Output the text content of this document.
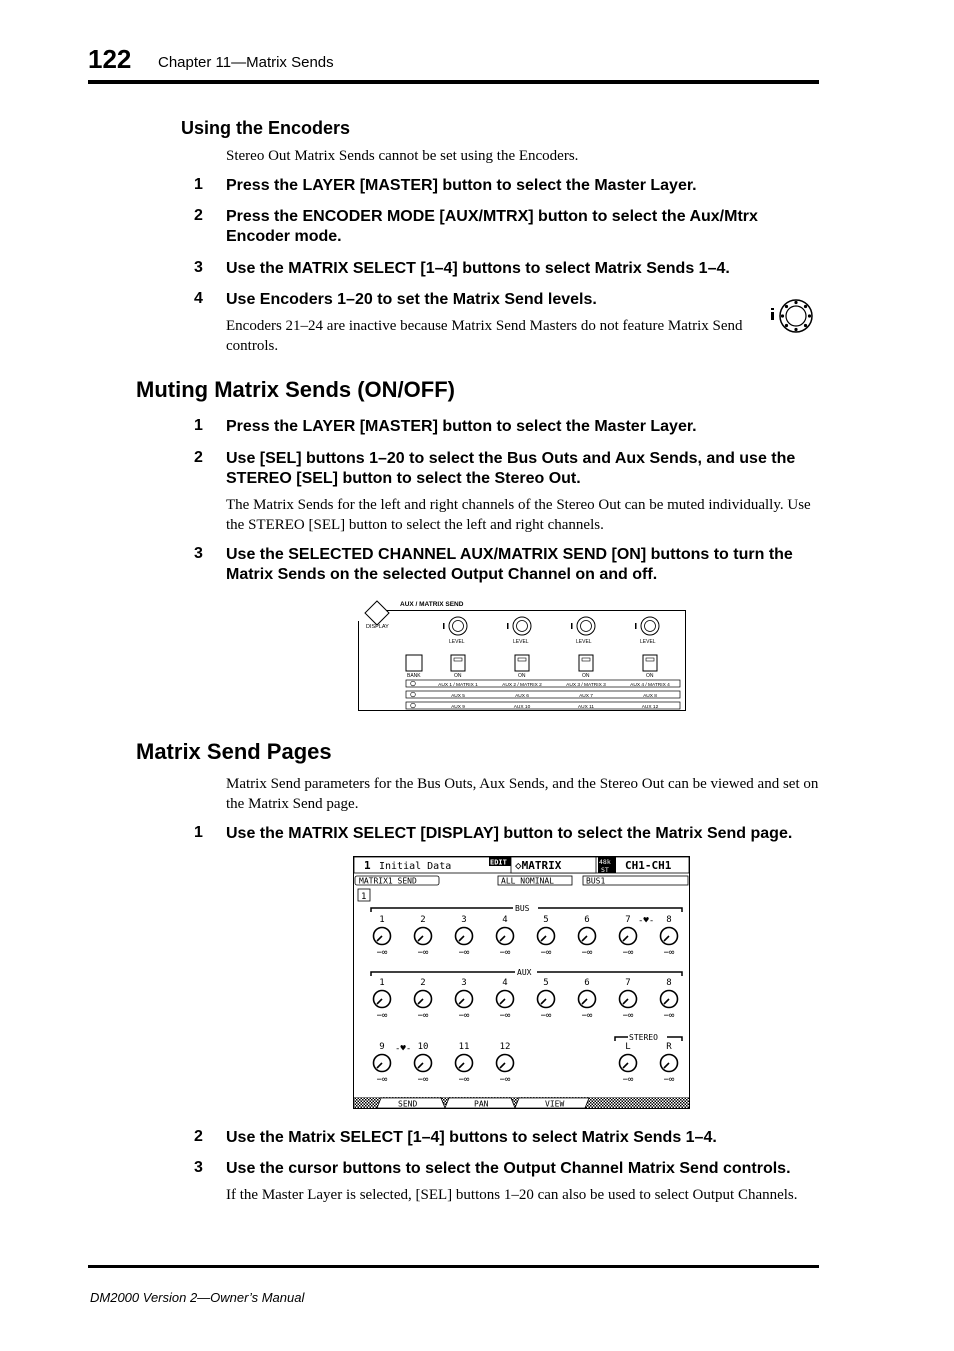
122 Chapter 11—Matrix Sends
Using the Encoders
Stereo Out Matrix Sends cannot be set using the Encoders.
1 Press the LAYER [MASTER] button to select the Master Layer.
2 Press the ENCODER MODE [AUX/MTRX] button to select the Aux/Mtrx Encoder mode.
3 Use the MATRIX SELECT [1–4] buttons to select Matrix Sends 1–4.
4 Use Encoders 1–20 to set the Matrix Send levels.
Encoders 21–24 are inactive because Matrix Send Masters do not feature Matrix Send controls.
Muting Matrix Sends (ON/OFF)
1 Press the LAYER [MASTER] button to select the Master Layer.
2 Use [SEL] buttons 1–20 to select the Bus Outs and Aux Sends, and use the STEREO [SEL] button to select the Stereo Out.
The Matrix Sends for the left and right channels of the Stereo Out can be muted individually. Use the STEREO [SEL] button to select the left and right channels.
3 Use the SELECTED CHANNEL AUX/MATRIX SEND [ON] buttons to turn the Matrix Sends on the selected Output Channel on and off.
AUX / MATRIX SEND
DISPLAY
LEVEL	LEVEL	LEVEL	LEVEL
BANK	ON	ON	ON	ON
AUX 1 / MATRIX 1	AUX 2 / MATRIX 2	AUX 3 / MATRIX 3	AUX 4 / MATRIX 4
AUX 5	AUX 6	AUX 7	AUX 8
AUX 9	AUX 10	AUX 11	AUX 12
Matrix Send Pages
Matrix Send parameters for the Bus Outs, Aux Sends, and the Stereo Out can be viewed and set on the Matrix Send page.
1 Use the MATRIX SELECT [DISPLAY] button to select the Matrix Send page.
1 Initial Data	EDIT ◇MATRIX	48k
ST CH1-CH1
MATRIX1 SEND	ALL NOMINAL	BUS1
1
BUS
AUX
STEREO
-♥-
-♥-
1
−∞
2
−∞
3
−∞
4
−∞
5
−∞
6
−∞
7
−∞
8
−∞
1
−∞
2
−∞
3
−∞
4
−∞
5
−∞
6
−∞
7
−∞
8
−∞
9
−∞
10
−∞
11
−∞
12
−∞
L
−∞
R
−∞
SEND	PAN	VIEW
2 Use the Matrix SELECT [1–4] buttons to select Matrix Sends 1–4.
3 Use the cursor buttons to select the Output Channel Matrix Send controls.
If the Master Layer is selected, [SEL] buttons 1–20 can also be used to select Output Channels.
DM2000 Version 2—Owner’s Manual
